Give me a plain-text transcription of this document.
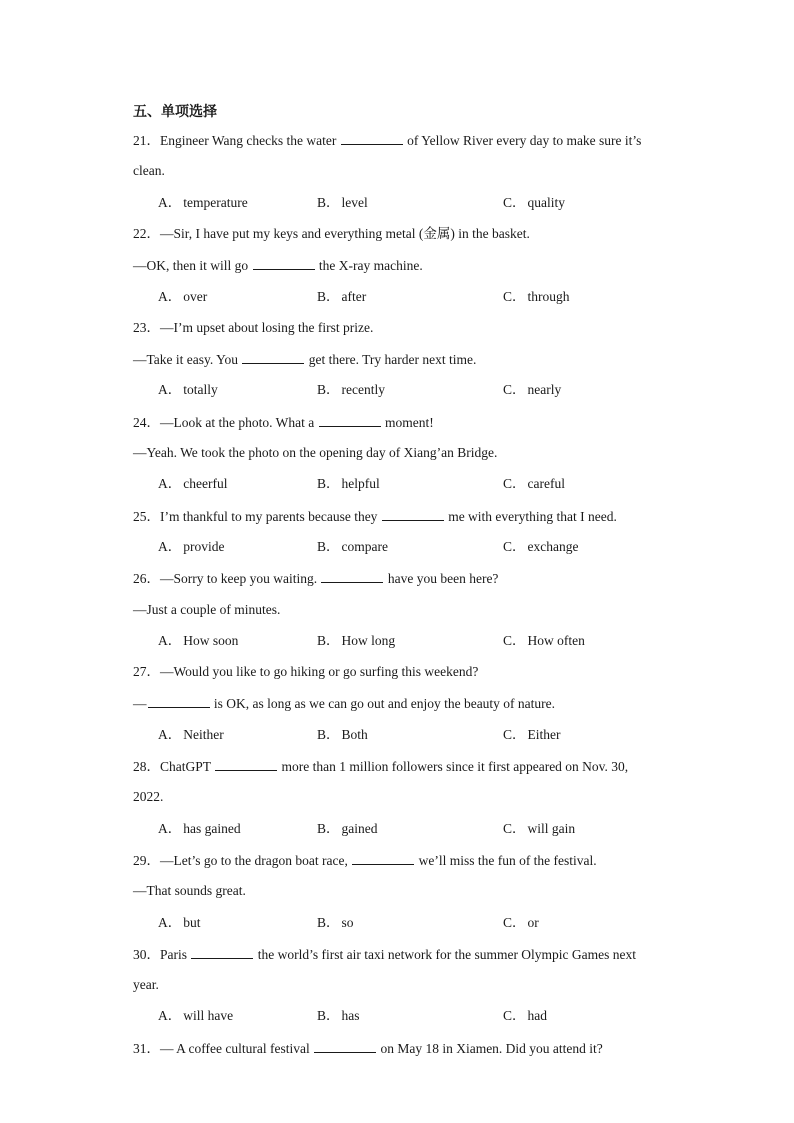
五、单项选择
21．Engineer Wang checks the water	of Yellow River every day to make sure it’s
clean.
A． temperature	B． level	C． quality
22．—Sir, I have put my keys and everything metal (金属) in the basket.
—OK, then it will go	the X-ray machine.
A． over	B． after	C． through
23．—I’m upset about losing the first prize.
—Take it easy. You	get there. Try harder next time.
A． totally	B． recently	C． nearly
24．—Look at the photo. What a	moment!
—Yeah. We took the photo on the opening day of Xiang’an Bridge.
A． cheerful	B． helpful	C． careful
25．I’m thankful to my parents because they	me with everything that I need.
A． provide	B． compare	C． exchange
26．—Sorry to keep you waiting.	have you been here?
—Just a couple of minutes.
A． How soon	B． How long	C． How often
27．—Would you like to go hiking or go surfing this weekend?
—	is OK, as long as we can go out and enjoy the beauty of nature.
A． Neither	B． Both	C． Either
28．ChatGPT	more than 1 million followers since it first appeared on Nov. 30,
2022.
A． has gained	B． gained	C． will gain
29．—Let’s go to the dragon boat race,	we’ll miss the fun of the festival.
—That sounds great.
A． but	B． so	C． or
30．Paris	the world’s first air taxi network for the summer Olympic Games next
year.
A． will have	B． has	C． had
31．— A coffee cultural festival	on May 18 in Xiamen. Did you attend it?
